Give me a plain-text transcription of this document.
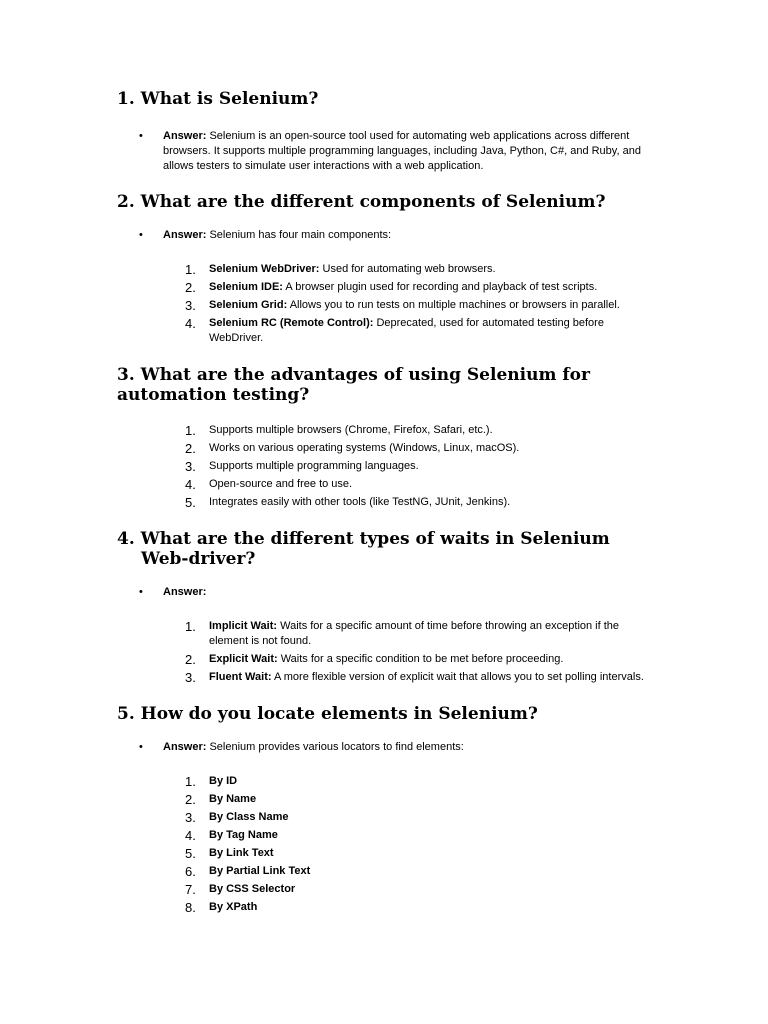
1. What is Selenium?
• Answer: Selenium is an open-source tool used for automating web applications across different browsers. It supports multiple programming languages, including Java, Python, C#, and Ruby, and allows testers to simulate user interactions with a web application.
2. What are the different components of Selenium?
• Answer: Selenium has four main components:
1. Selenium WebDriver: Used for automating web browsers.
2. Selenium IDE: A browser plugin used for recording and playback of test scripts.
3. Selenium Grid: Allows you to run tests on multiple machines or browsers in parallel.
4. Selenium RC (Remote Control): Deprecated, used for automated testing before WebDriver.
3. What are the advantages of using Selenium for automation testing?
1. Supports multiple browsers (Chrome, Firefox, Safari, etc.).
2. Works on various operating systems (Windows, Linux, macOS).
3. Supports multiple programming languages.
4. Open-source and free to use.
5. Integrates easily with other tools (like TestNG, JUnit, Jenkins).
4. What are the different types of waits in Selenium Web-driver?
• Answer:
1. Implicit Wait: Waits for a specific amount of time before throwing an exception if the element is not found.
2. Explicit Wait: Waits for a specific condition to be met before proceeding.
3. Fluent Wait: A more flexible version of explicit wait that allows you to set polling intervals.
5. How do you locate elements in Selenium?
• Answer: Selenium provides various locators to find elements:
1. By ID
2. By Name
3. By Class Name
4. By Tag Name
5. By Link Text
6. By Partial Link Text
7. By CSS Selector
8. By XPath
